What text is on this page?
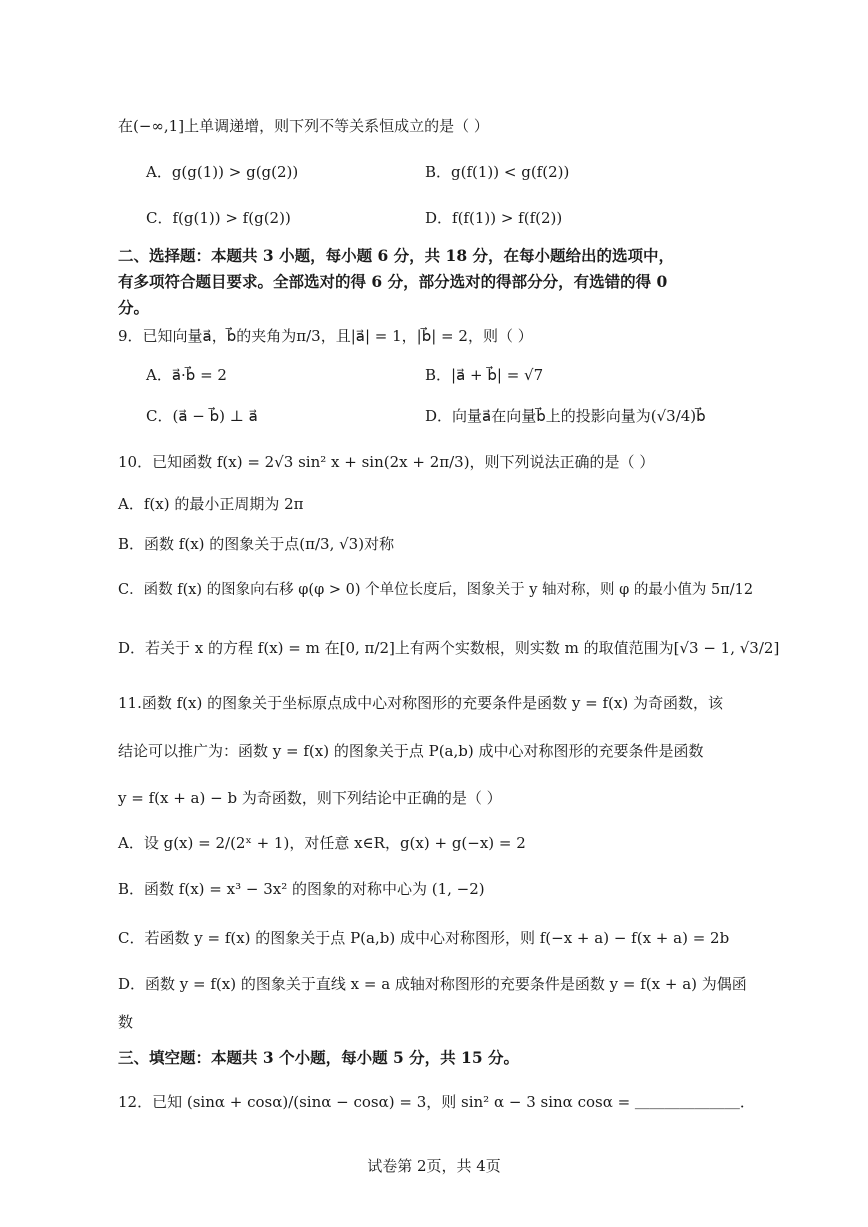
在(−∞,1]上单调递增，则下列不等关系恒成立的是（ ）
A．g(g(1)) > g(g(2))	B．g(f(1)) < g(f(2))
C．f(g(1)) > f(g(2))	D．f(f(1)) > f(f(2))
二、选择题：本题共 3 小题，每小题 6 分，共 18 分，在每小题给出的选项中，
有多项符合题目要求。全部选对的得 6 分，部分选对的得部分分，有选错的得 0
分。
9．已知向量a⃗，b⃗的夹角为π/3，且|a⃗| = 1，|b⃗| = 2，则（ ）
A．a⃗·b⃗ = 2	B．|a⃗ + b⃗| = √7
C．(a⃗ − b⃗) ⊥ a⃗	D．向量a⃗在向量b⃗上的投影向量为(√3/4)b⃗
10．已知函数 f(x) = 2√3 sin² x + sin(2x + 2π/3)，则下列说法正确的是（ ）
A．f(x) 的最小正周期为 2π
B．函数 f(x) 的图象关于点(π/3, √3)对称
C．函数 f(x) 的图象向右移 φ(φ > 0) 个单位长度后，图象关于 y 轴对称，则 φ 的最小值为 5π/12
D．若关于 x 的方程 f(x) = m 在[0, π/2]上有两个实数根，则实数 m 的取值范围为[√3 − 1, √3/2]
11.函数 f(x) 的图象关于坐标原点成中心对称图形的充要条件是函数 y = f(x) 为奇函数，该
结论可以推广为：函数 y = f(x) 的图象关于点 P(a,b) 成中心对称图形的充要条件是函数
y = f(x + a) − b 为奇函数，则下列结论中正确的是（ ）
A．设 g(x) = 2/(2ˣ + 1)，对任意 x∈R，g(x) + g(−x) = 2
B．函数 f(x) = x³ − 3x² 的图象的对称中心为 (1, −2)
C．若函数 y = f(x) 的图象关于点 P(a,b) 成中心对称图形，则 f(−x + a) − f(x + a) = 2b
D．函数 y = f(x) 的图象关于直线 x = a 成轴对称图形的充要条件是函数 y = f(x + a) 为偶函
数
三、填空题：本题共 3 个小题，每小题 5 分，共 15 分。
12．已知 (sinα + cosα)/(sinα − cosα) = 3，则 sin² α − 3 sinα cosα = ＿＿＿＿＿＿＿．
试卷第 2页，共 4页
